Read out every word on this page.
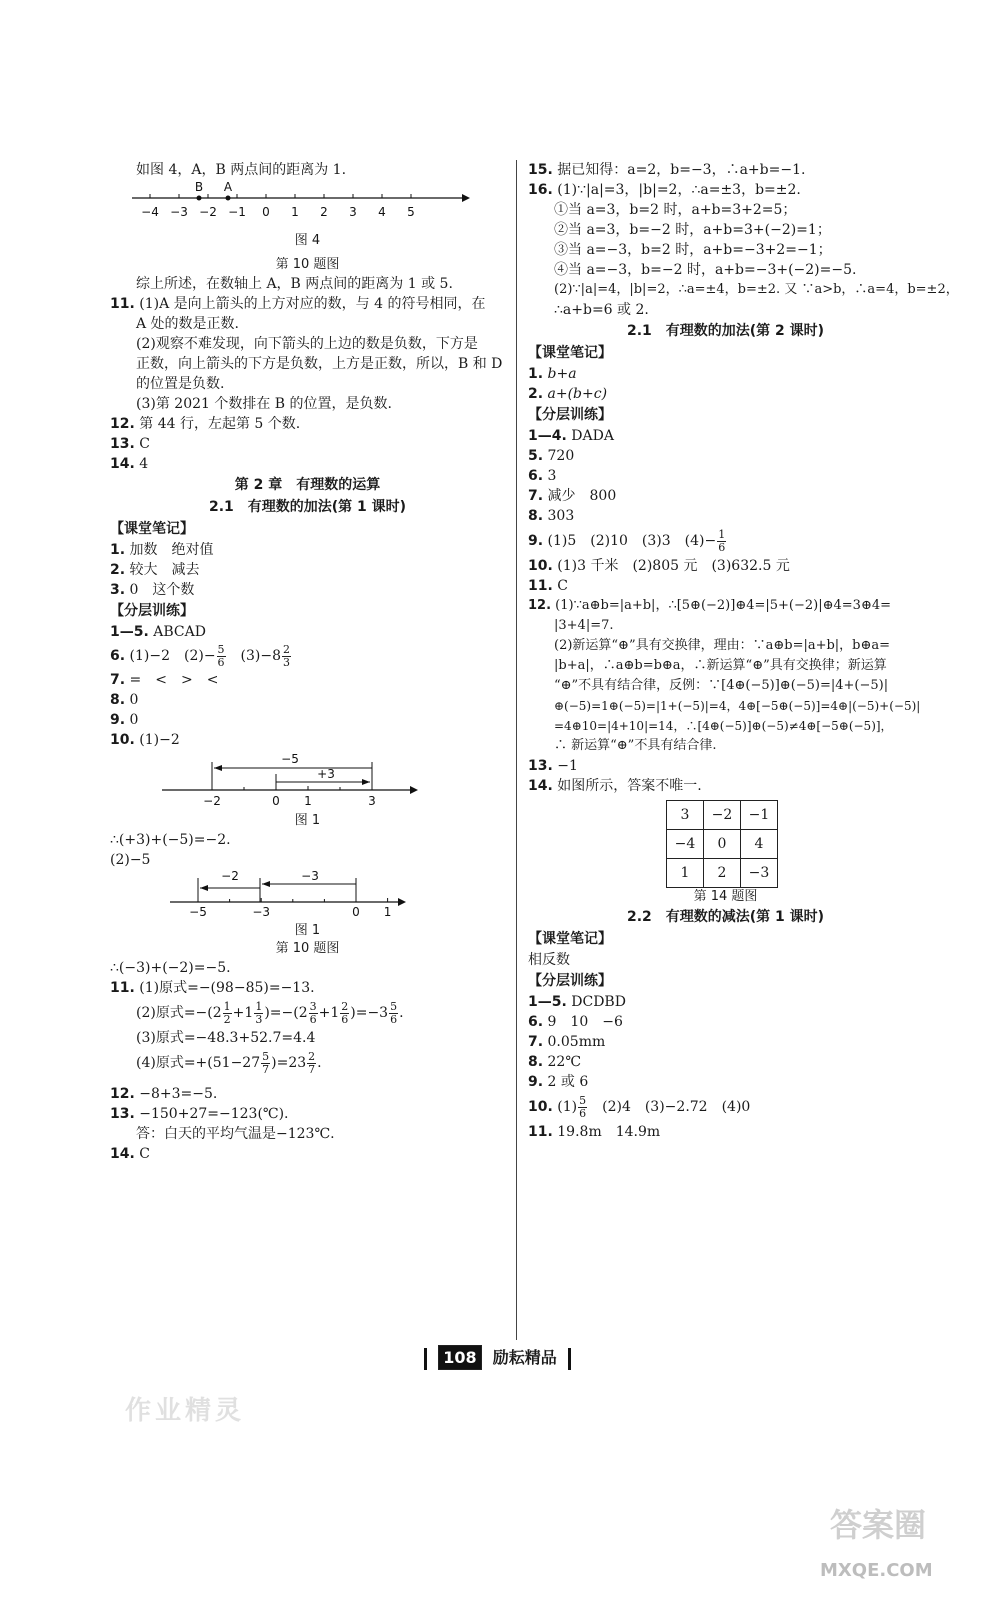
如图 4，A，B 两点间的距离为 1.
−4 −3 −2 −1 0 1 2 3 4 5
B A
图 4
第 10 题图
综上所述，在数轴上 A，B 两点间的距离为 1 或 5.
11. (1)A 是向上箭头的上方对应的数，与 4 的符号相同，在
A 处的数是正数.
(2)观察不难发现，向下箭头的上边的数是负数，下方是
正数，向上箭头的下方是负数，上方是正数，所以，B 和 D
的位置是负数.
(3)第 2021 个数排在 B 的位置，是负数.
12. 第 44 行，左起第 5 个数.
13. C
14. 4
第 2 章　有理数的运算
2.1　有理数的加法(第 1 课时)
【课堂笔记】
1. 加数　绝对值
2. 较大　减去
3. 0　这个数
【分层训练】
1—5. ABCAD
6. (1)−2　 $(2)- \frac{5}{6}$
　 $(3)-8 \frac{2}{3}$
7. =　<　>　<
8. 0
9. 0
10. (1)−2
−5
+3
−2	0 1	3
图 1
∴(+3)+(−5)=−2.
(2)−5
−3
−2
−5	−3	0 1
图 1
第 10 题图
∴(−3)+(−2)=−5.
11. (1)原式=−(98−85)=−13.
(2)原式$=-(2 \frac{1}{2} +1 \frac{1}{3} )=-(2 \frac{3}{6} +1 \frac{2}{6} )=-3 \frac{5}{6}$ .
(3)原式=−48.3+52.7=4.4
(4)原式$=+(51-27 \frac{5}{7} )=23 \frac{2}{7}$ .
12. −8+3=−5.
13. −150+27=−123(℃).
答：白天的平均气温是−123℃.
14. C
15. 据已知得：a=2，b=−3，∴a+b=−1.
16. (1)∵|a|=3，|b|=2，∴a=±3，b=±2.
①当 a=3，b=2 时，a+b=3+2=5；
②当 a=3，b=−2 时，a+b=3+(−2)=1；
③当 a=−3，b=2 时，a+b=−3+2=−1；
④当 a=−3，b=−2 时，a+b=−3+(−2)=−5.
(2)∵|a|=4，|b|=2，∴a=±4，b=±2. 又 ∵a>b，∴a=4，b=±2，
∴a+b=6 或 2.
2.1　有理数的加法(第 2 课时)
【课堂笔记】
1. b+a
2. a+(b+c)
【分层训练】
1—4. DADA
5. 720
6. 3
7. 减少　800
8. 303
9. (1)5　(2)10　(3)3　$(4)- \frac{1}{6}$
10. (1)3 千米　(2)805 元　(3)632.5 元
11. C
12. (1)∵a⊕b=|a+b|，∴[5⊕(−2)]⊕4=|5+(−2)|⊕4=3⊕4=
|3+4|=7.
(2)新运算“⊕”具有交换律，理由：∵a⊕b=|a+b|，b⊕a=
|b+a|，∴a⊕b=b⊕a，∴新运算“⊕”具有交换律；新运算
“⊕”不具有结合律，反例：∵[4⊕(−5)]⊕(−5)=|4+(−5)|
⊕(−5)=1⊕(−5)=|1+(−5)|=4，4⊕[−5⊕(−5)]=4⊕|(−5)+(−5)|
=4⊕10=|4+10|=14，∴[4⊕(−5)]⊕(−5)≠4⊕[−5⊕(−5)]，
∴ 新运算“⊕”不具有结合律.
13. −1
14. 如图所示，答案不唯一.
3	−2	−1
−4	0	4
1	2	−3
第 14 题图
2.2　有理数的减法(第 1 课时)
【课堂笔记】
相反数
【分层训练】
1—5. DCDBD
6. 9　10　−6
7. 0.05mm
8. 22℃
9. 2 或 6
10. $(1) \frac{5}{6}$
　 (2)4　(3)−2.72　(4)0
11. 19.8m　14.9m
108 励耘精品
作业精灵
答案圈
MXQE.COM
